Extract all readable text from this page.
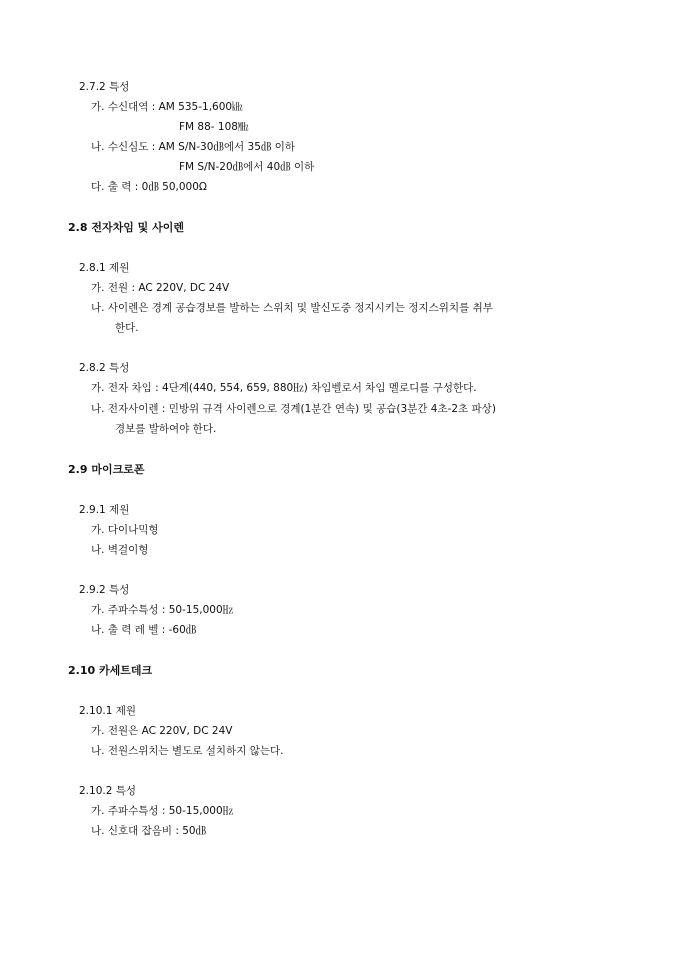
2.7.2 특성
가. 수신대역 : AM 535-1,600㎑
FM 88- 108㎒
나. 수신심도 : AM S/N-30㏈에서 35㏈ 이하
FM S/N-20㏈에서 40㏈ 이하
다. 출 력 : 0㏈ 50,000Ω
2.8 전자차임 및 사이렌
2.8.1 제원
가. 전원 : AC 220V, DC 24V
나. 사이렌은 경계 공습경보를 발하는 스위치 및 발신도중 정지시키는 정지스위치를 취부
한다.
2.8.2 특성
가. 전자 차임 : 4단계(440, 554, 659, 880㎐) 차임벨로서 차임 멜로디를 구성한다.
나. 전자사이렌 : 민방위 규격 사이렌으로 경계(1분간 연속) 및 공습(3분간 4초-2초 파상)
경보를 발하여야 한다.
2.9 마이크로폰
2.9.1 제원
가. 다이나믹형
나. 벽걸이형
2.9.2 특성
가. 주파수특성 : 50-15,000㎐
나. 출 력 레 벨 : -60㏈
2.10 카세트데크
2.10.1 제원
가. 전원은 AC 220V, DC 24V
나. 전원스위치는 별도로 설치하지 않는다.
2.10.2 특성
가. 주파수특성 : 50-15,000㎐
나. 신호대 잡음비 : 50㏈
